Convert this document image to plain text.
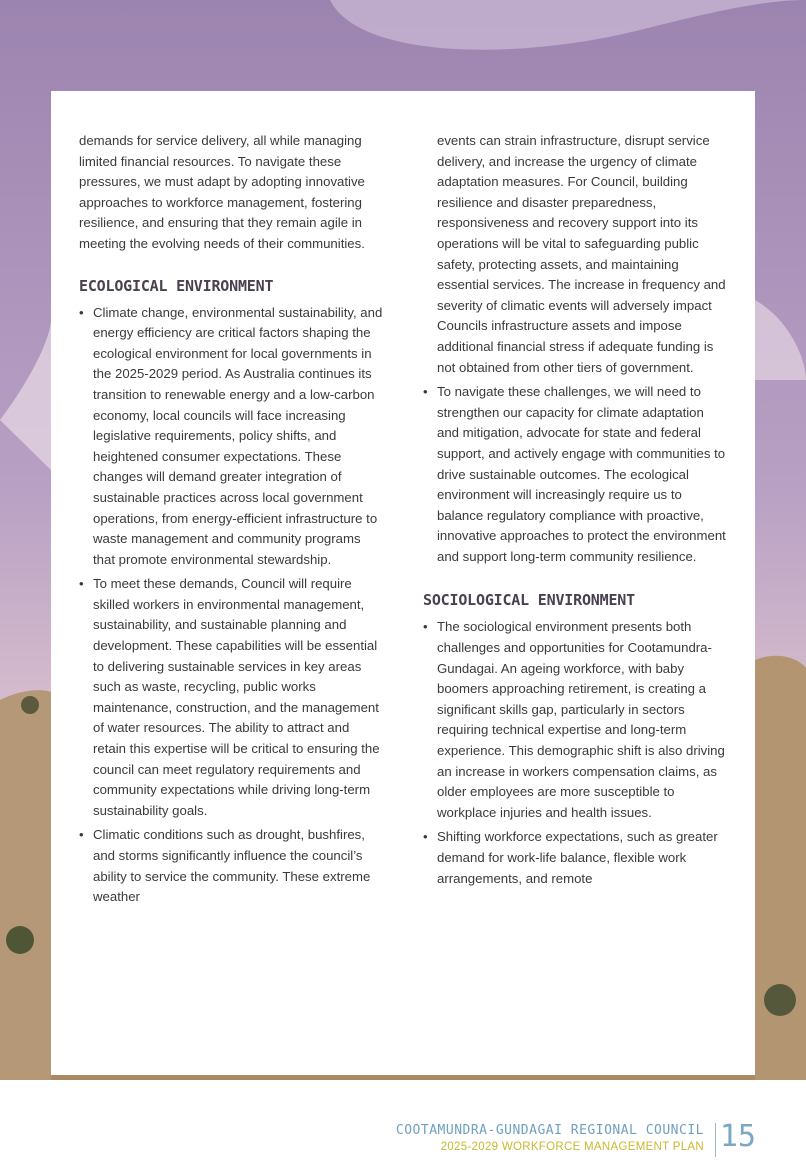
demands for service delivery, all while managing limited financial resources. To navigate these pressures, we must adapt by adopting innovative approaches to workforce management, fostering resilience, and ensuring that they remain agile in meeting the evolving needs of their communities.

ECOLOGICAL ENVIRONMENT
• Climate change, environmental sustainability, and energy efficiency are critical factors shaping the ecological environment for local governments in the 2025-2029 period. As Australia continues its transition to renewable energy and a low-carbon economy, local councils will face increasing legislative requirements, policy shifts, and heightened consumer expectations. These changes will demand greater integration of sustainable practices across local government operations, from energy-efficient infrastructure to waste management and community programs that promote environmental stewardship.
• To meet these demands, Council will require skilled workers in environmental management, sustainability, and sustainable planning and development. These capabilities will be essential to delivering sustainable services in key areas such as waste, recycling, public works maintenance, construction, and the management of water resources. The ability to attract and retain this expertise will be critical to ensuring the council can meet regulatory requirements and community expectations while driving long-term sustainability goals.
• Climatic conditions such as drought, bushfires, and storms significantly influence the council’s ability to service the community. These extreme weather

events can strain infrastructure, disrupt service delivery, and increase the urgency of climate adaptation measures. For Council, building resilience and disaster preparedness, responsiveness and recovery support into its operations will be vital to safeguarding public safety, protecting assets, and maintaining essential services. The increase in frequency and severity of climatic events will adversely impact Councils infrastructure assets and impose additional financial stress if adequate funding is not obtained from other tiers of government.

• To navigate these challenges, we will need to strengthen our capacity for climate adaptation and mitigation, advocate for state and federal support, and actively engage with communities to drive sustainable outcomes. The ecological environment will increasingly require us to balance regulatory compliance with proactive, innovative approaches to protect the environment and support long-term community resilience.
SOCIOLOGICAL ENVIRONMENT
• The sociological environment presents both challenges and opportunities for Cootamundra-Gundagai. An ageing workforce, with baby boomers approaching retirement, is creating a significant skills gap, particularly in sectors requiring technical expertise and long-term experience. This demographic shift is also driving an increase in workers compensation claims, as older employees are more susceptible to workplace injuries and health issues.
• Shifting workforce expectations, such as greater demand for work-life balance, flexible work arrangements, and remote
COOTAMUNDRA-GUNDAGAI REGIONAL COUNCIL
2025-2029 WORKFORCE MANAGEMENT PLAN 15
